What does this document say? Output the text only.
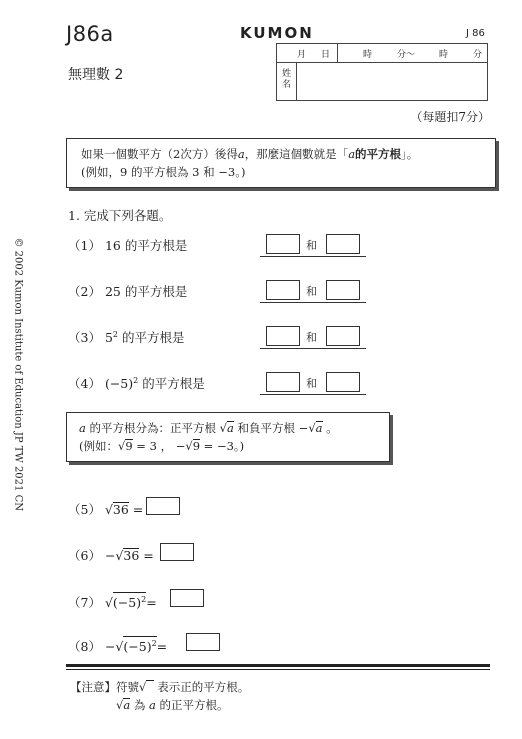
J86a	KUMON	J 86
無理數 2
月 日	時	分～	時	分
姓
名
（每題扣7分）
© 2002 Kumon Institute of Education JP TW 2021 CN
如果一個數平方（2次方）後得a，那麼這個數就是「a的平方根」。
(例如，9 的平方根為 3 和 −3。)
1. 完成下列各題。
（1） 16 的平方根是
（2） 25 的平方根是
（3） $5^2$ 的平方根是
（4） $(-5)^2$ 的平方根是
和
和
和
和
a 的平方根分為：正平方根 √a 和負平方根 −√a 。
(例如：√9 = 3 ， −√9 = −3。)
（5） √36 =
（6） −√36 =
（7） $√(-5)^2=$
$(8) -√(-5)^2=$
【注意】符號√   表示正的平方根。
√a 為 a 的正平方根。
